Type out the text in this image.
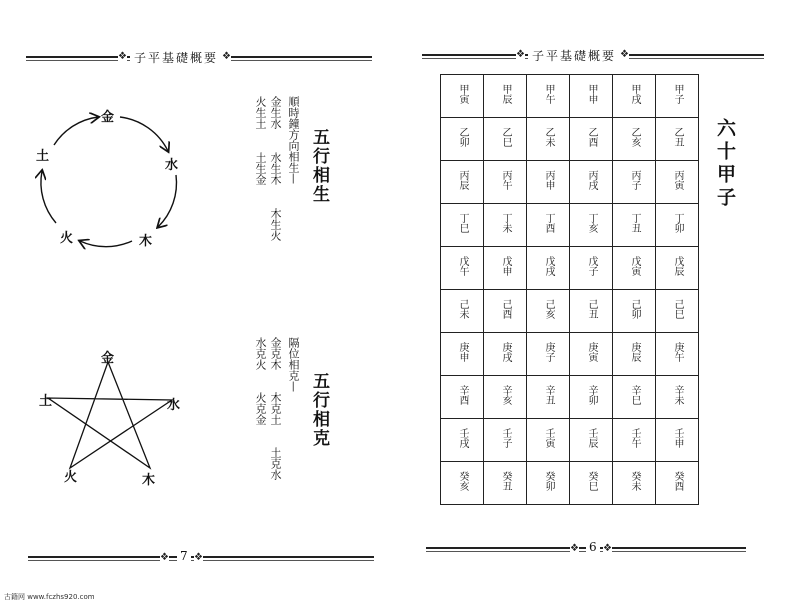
❖ 子平基礎概要 ❖
金
水
木
火
土	五行相生
順時鐘方向相生—
金生水
水生木
木生火
火生土
土生金
金
水
木
火
土	五行相克
隔位相克—
金克木
木克土
土克水
水克火
火克金
❖ 7 ❖
❖ 子平基礎概要 ❖
甲寅	甲辰	甲午	甲申	甲戌	甲子
乙卯	乙巳	乙未	乙酉	乙亥	乙丑
丙辰	丙午	丙申	丙戌	丙子	丙寅
丁巳	丁未	丁酉	丁亥	丁丑	丁卯
戊午	戊申	戊戌	戊子	戊寅	戊辰
己未	己酉	己亥	己丑	己卯	己巳
庚申	庚戌	庚子	庚寅	庚辰	庚午
辛酉	辛亥	辛丑	辛卯	辛巳	辛未
壬戌	壬子	壬寅	壬辰	壬午	壬申
癸亥	癸丑	癸卯	癸巳	癸未	癸酉
六十甲子
❖ 6 ❖
古籍网 www.fczhs920.com
